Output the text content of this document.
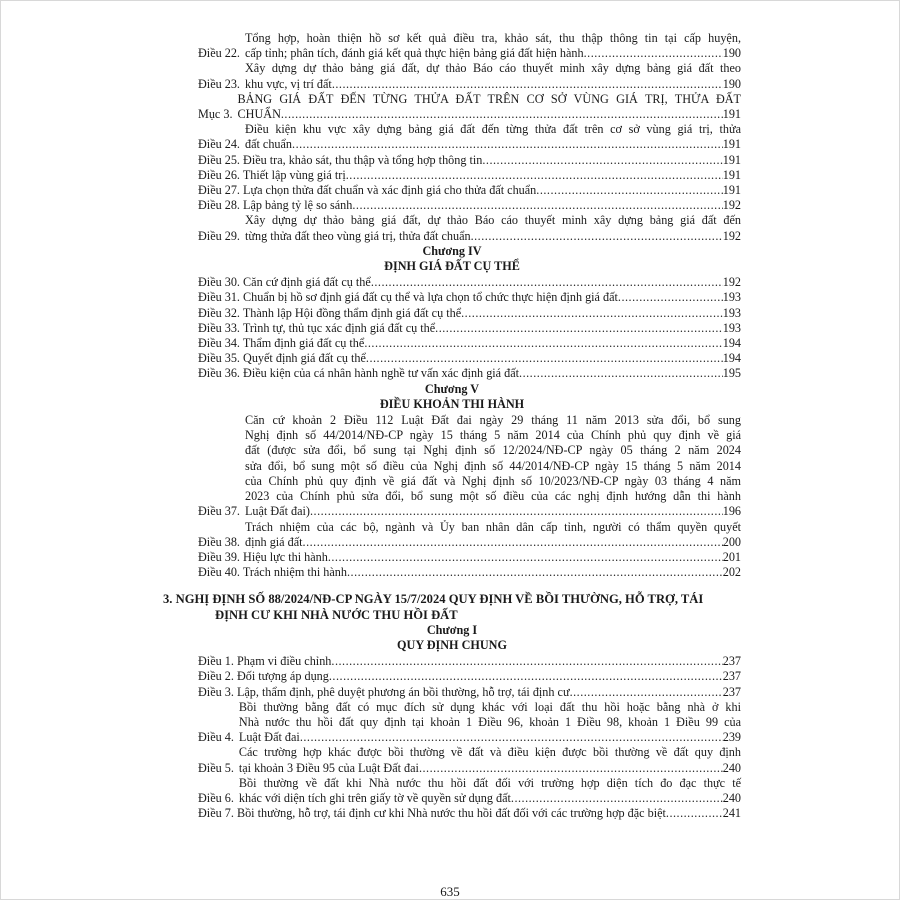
Điều 22.
Tổng hợp, hoàn thiện hồ sơ kết quả điều tra, khảo sát, thu thập thông tin tại cấp huyện,
cấp tỉnh; phân tích, đánh giá kết quả thực hiện bảng giá đất hiện hành .....	190
Điều 23.
Xây dựng dự thảo bảng giá đất, dự thảo Báo cáo thuyết minh xây dựng bảng giá đất theo
khu vực, vị trí đất .....	190
Mục 3.
BẢNG GIÁ ĐẤT ĐẾN TỪNG THỬA ĐẤT TRÊN CƠ SỞ VÙNG GIÁ TRỊ, THỬA ĐẤT
CHUẨN .....	191
Điều 24.
Điều kiện khu vực xây dựng bảng giá đất đến từng thửa đất trên cơ sở vùng giá trị, thửa
đất chuẩn .....	191
Điều 25. Điều tra, khảo sát, thu thập và tổng hợp thông tin .....	191
Điều 26. Thiết lập vùng giá trị .....	191
Điều 27. Lựa chọn thửa đất chuẩn và xác định giá cho thửa đất chuẩn .....	191
Điều 28. Lập bảng tỷ lệ so sánh .....	192
Điều 29.
Xây dựng dự thảo bảng giá đất, dự thảo Báo cáo thuyết minh xây dựng bảng giá đất đến
từng thửa đất theo vùng giá trị, thửa đất chuẩn .....	192
Chương IV
ĐỊNH GIÁ ĐẤT CỤ THỂ
Điều 30. Căn cứ định giá đất cụ thể .....	192
Điều 31. Chuẩn bị hồ sơ định giá đất cụ thể và lựa chọn tổ chức thực hiện định giá đất .....	193
Điều 32. Thành lập Hội đồng thẩm định giá đất cụ thể .....	193
Điều 33. Trình tự, thủ tục xác định giá đất cụ thể .....	193
Điều 34. Thẩm định giá đất cụ thể .....	194
Điều 35. Quyết định giá đất cụ thể .....	194
Điều 36. Điều kiện của cá nhân hành nghề tư vấn xác định giá đất .....	195
Chương V
ĐIỀU KHOẢN THI HÀNH
Điều 37.
Căn cứ khoản 2 Điều 112 Luật Đất đai ngày 29 tháng 11 năm 2013 sửa đổi, bổ sung
Nghị định số 44/2014/NĐ-CP ngày 15 tháng 5 năm 2014 của Chính phủ quy định về giá
đất (được sửa đổi, bổ sung tại Nghị định số 12/2024/NĐ-CP ngày 05 tháng 2 năm 2024
sửa đổi, bổ sung một số điều của Nghị định số 44/2014/NĐ-CP ngày 15 tháng 5 năm 2014
của Chính phủ quy định về giá đất và Nghị định số 10/2023/NĐ-CP ngày 03 tháng 4 năm
2023 của Chính phủ sửa đổi, bổ sung một số điều của các nghị định hướng dẫn thi hành
Luật Đất đai) .....	196
Điều 38.
Trách nhiệm của các bộ, ngành và Ủy ban nhân dân cấp tỉnh, người có thẩm quyền quyết
định giá đất .....	200
Điều 39. Hiệu lực thi hành .....	201
Điều 40. Trách nhiệm thi hành .....	202
3. NGHỊ ĐỊNH SỐ 88/2024/NĐ-CP NGÀY 15/7/2024 QUY ĐỊNH VỀ BỒI THƯỜNG, HỖ TRỢ, TÁI
ĐỊNH CƯ KHI NHÀ NƯỚC THU HỒI ĐẤT
Chương I
QUY ĐỊNH CHUNG
Điều 1. Phạm vi điều chỉnh .....	237
Điều 2. Đối tượng áp dụng .....	237
Điều 3. Lập, thẩm định, phê duyệt phương án bồi thường, hỗ trợ, tái định cư .....	237
Điều 4.
Bồi thường bằng đất có mục đích sử dụng khác với loại đất thu hồi hoặc bằng nhà ở khi
Nhà nước thu hồi đất quy định tại khoản 1 Điều 96, khoản 1 Điều 98, khoản 1 Điều 99 của
Luật Đất đai .....	239
Điều 5.
Các trường hợp khác được bồi thường về đất và điều kiện được bồi thường về đất quy định
tại khoản 3 Điều 95 của Luật Đất đai .....	240
Điều 6.
Bồi thường về đất khi Nhà nước thu hồi đất đối với trường hợp diện tích đo đạc thực tế
khác với diện tích ghi trên giấy tờ về quyền sử dụng đất .....	240
Điều 7. Bồi thường, hỗ trợ, tái định cư khi Nhà nước thu hồi đất đối với các trường hợp đặc biệt .....	241
635
